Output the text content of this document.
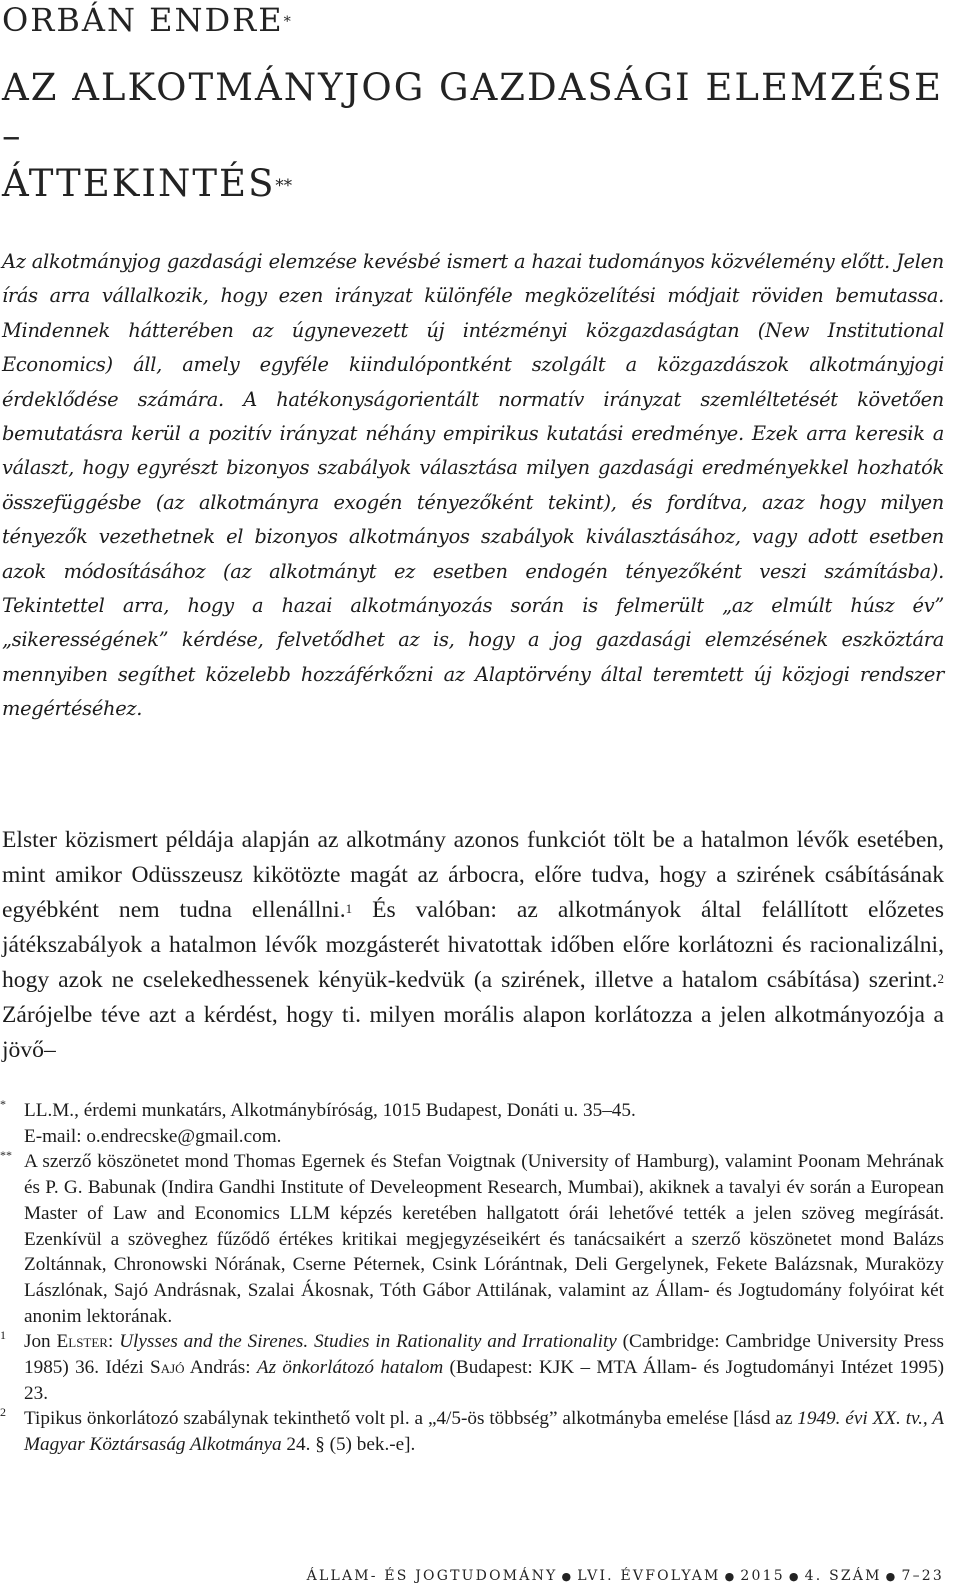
ORBÁN ENDRE*
AZ ALKOTMÁNYJOG GAZDASÁGI ELEMZÉSE –
ÁTTEKINTÉS**

Az alkotmányjog gazdasági elemzése kevésbé ismert a hazai tudományos közvélemény előtt. Jelen írás arra vállalkozik, hogy ezen irányzat különféle megközelítési módjait röviden bemutassa. Mindennek hátterében az úgynevezett új intézményi közgazdaságtan (New Institutional Economics) áll, amely egyféle kiindulópontként szolgált a közgazdászok alkotmányjogi érdeklődése számára. A hatékonyságorientált normatív irányzat szemléltetését követően bemutatásra kerül a pozitív irányzat néhány empirikus kutatási eredménye. Ezek arra keresik a választ, hogy egyrészt bizonyos szabályok választása milyen gazdasági eredményekkel hozhatók összefüggésbe (az alkotmányra exogén tényezőként tekint), és fordítva, azaz hogy milyen tényezők vezethetnek el bizonyos alkotmányos szabályok kiválasztásához, vagy adott esetben azok módosításához (az alkotmányt ez esetben endogén tényezőként veszi számításba). Tekintettel arra, hogy a hazai alkotmányozás során is felmerült „az elmúlt húsz év” „sikerességének” kérdése, felvetődhet az is, hogy a jog gazdasági elemzésének eszköztára mennyiben segíthet közelebb hozzáférkőzni az Alaptörvény által teremtett új közjogi rendszer megértéséhez.

Elster közismert példája alapján az alkotmány azonos funkciót tölt be a hatalmon lévők esetében, mint amikor Odüsszeusz kikötözte magát az árbocra, előre tudva, hogy a szirének csábításának egyébként nem tudna ellenállni.$^1$ És valóban: az alkotmányok által felállított előzetes játékszabályok a hatalmon lévők mozgásterét hivatottak időben előre korlátozni és racionalizálni, hogy azok ne cselekedhessenek kényük-kedvük (a szirének, illetve a hatalom csábítása) szerint.$^2$ Zárójelbe téve azt a kérdést, hogy ti. milyen morális alapon korlátozza a jelen alkotmányozója a jövő–

* LL.M., érdemi munkatárs, Alkotmánybíróság, 1015 Budapest, Donáti u. 35–45.

E-mail: o.endrecske@gmail.com.

** A szerző köszönetet mond Thomas Egernek és Stefan Voigtnak (University of Hamburg), valamint Poonam Mehrának és P. G. Babunak (Indira Gandhi Institute of Develeopment Research, Mumbai), akiknek a tavalyi év során a European Master of Law and Economics LLM képzés keretében hallgatott órái lehetővé tették a jelen szöveg megírását. Ezenkívül a szöveghez fűződő értékes kritikai megjegyzéseikért és tanácsaikért a szerző köszönetet mond Balázs Zoltánnak, Chronowski Nórának, Cserne Péternek, Csink Lórántnak, Deli Gergelynek, Fekete Balázsnak, Muraközy Lászlónak, Sajó Andrásnak, Szalai Ákosnak, Tóth Gábor Attilának, valamint az Állam- és Jogtudomány folyóirat két anonim lektorának.

1 Jon Elster: Ulysses and the Sirenes. Studies in Rationality and Irrationality (Cambridge: Cambridge University Press 1985) 36. Idézi Sajó András: Az önkorlátozó hatalom (Budapest: KJK – MTA Állam- és Jogtudományi Intézet 1995) 23.

2 Tipikus önkorlátozó szabálynak tekinthető volt pl. a „4/5-ös többség” alkotmányba emelése [lásd az 1949. évi XX. tv., A Magyar Köztársaság Alkotmánya 24. § (5) bek.-e].

ÁLLAM- ÉS JOGTUDOMÁNY ● LVI. ÉVFOLYAM ● 2015 ● 4. SZÁM ● 7–23
